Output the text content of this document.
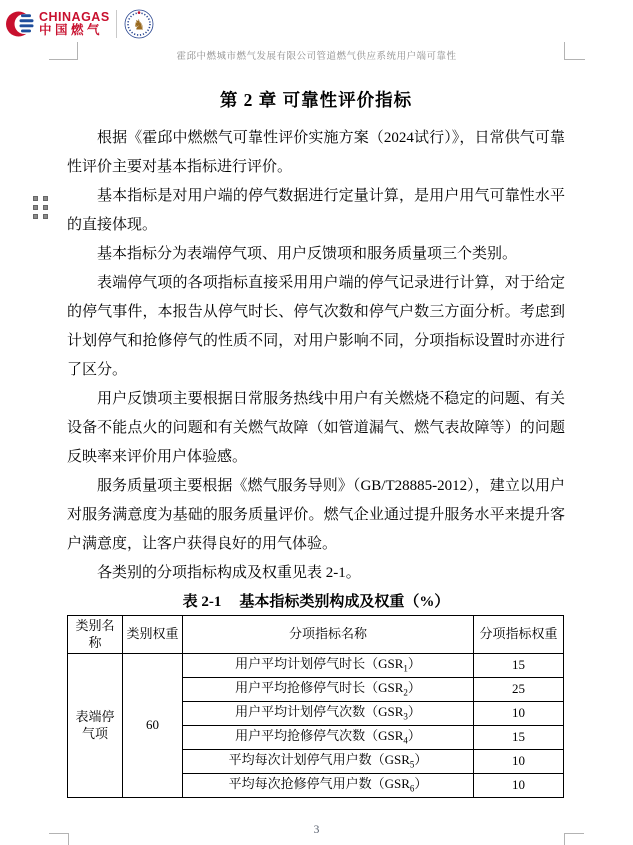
CHINAGAS
中国燃气	♞
霍邱中燃城市燃气发展有限公司管道燃气供应系统用户端可靠性
第 2 章 可靠性评价指标

根据《霍邱中燃燃气可靠性评价实施方案（2024试行）》，日常供气可靠性评价主要对基本指标进行评价。

基本指标是对用户端的停气数据进行定量计算，是用户用气可靠性水平的直接体现。

基本指标分为表端停气项、用户反馈项和服务质量项三个类别。

表端停气项的各项指标直接采用用户端的停气记录进行计算，对于给定的停气事件，本报告从停气时长、停气次数和停气户数三方面分析。考虑到计划停气和抢修停气的性质不同，对用户影响不同，分项指标设置时亦进行了区分。

用户反馈项主要根据日常服务热线中用户有关燃烧不稳定的问题、有关设备不能点火的问题和有关燃气故障（如管道漏气、燃气表故障等）的问题反映率来评价用户体验感。

服务质量项主要根据《燃气服务导则》（GB/T28885-2012），建立以用户对服务满意度为基础的服务质量评价。燃气企业通过提升服务水平来提升客户满意度，让客户获得良好的用气体验。

各类别的分项指标构成及权重见表 2-1。

表 2-1 基本指标类别构成及权重（%）
类别名称	类别权重	分项指标名称	分项指标权重
表端停气项	60	用户平均计划停气时长$(GSR_1)$	15
		用户平均抢修停气时长$(GSR_2)$	25
		用户平均计划停气次数$(GSR_3)$	10
		用户平均抢修停气次数$(GSR_4)$	15
		平均每次计划停气用户数$(GSR_5)$	10
		平均每次抢修停气用户数$(GSR_6)$	10
3
